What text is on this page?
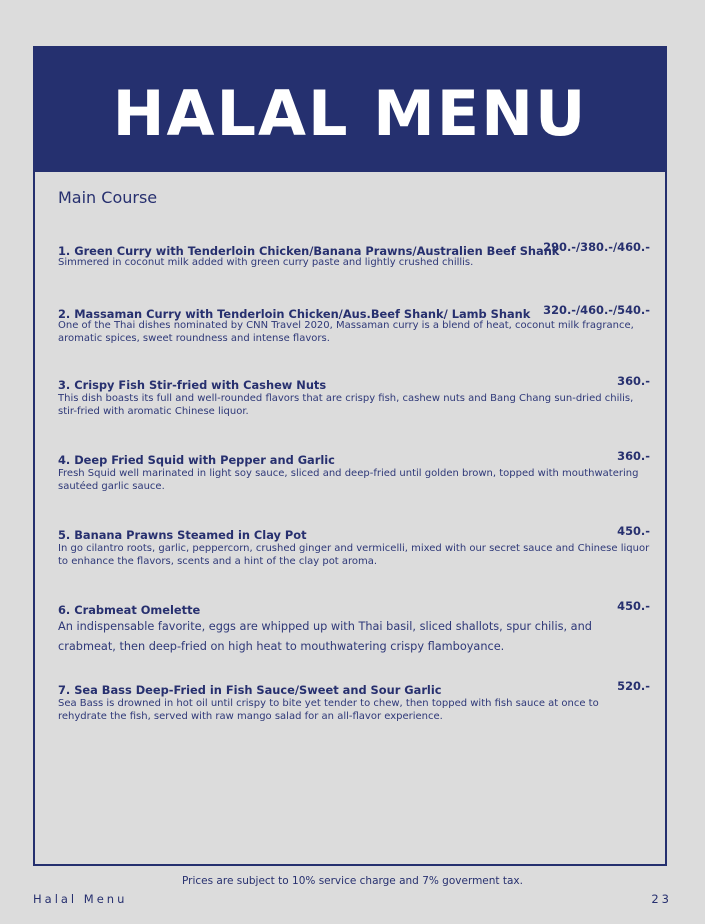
HALAL MENU
Main Course
1. Green Curry with Tenderloin Chicken/Banana Prawns/Australien Beef Shank
290.-/380.-/460.-
Simmered in coconut milk added with green curry paste and lightly crushed chillis.
2. Massaman Curry with Tenderloin Chicken/Aus.Beef Shank/ Lamb Shank 320.-/460.-/540.-
One of the Thai dishes nominated by CNN Travel 2020, Massaman curry is a blend of heat, coconut milk fragrance, aromatic spices, sweet roundness and intense flavors.
3. Crispy Fish Stir-fried with Cashew Nuts	360.-
This dish boasts its full and well-rounded flavors that are crispy fish, cashew nuts and Bang Chang sun-dried chilis, stir-fried with aromatic Chinese liquor.
4. Deep Fried Squid with Pepper and Garlic	360.-
Fresh Squid well marinated in light soy sauce, sliced and deep-fried until golden brown, topped with mouthwatering sautéed garlic sauce.
5. Banana Prawns Steamed in Clay Pot	450.-
In go cilantro roots, garlic, peppercorn, crushed ginger and vermicelli, mixed with our secret sauce and Chinese liquor to enhance the flavors, scents and a hint of the clay pot aroma.
6. Crabmeat Omelette	450.-
An indispensable favorite, eggs are whipped up with Thai basil, sliced shallots, spur chilis, and crabmeat, then deep-fried on high heat to mouthwatering crispy flamboyance.
7. Sea Bass Deep-Fried in Fish Sauce/Sweet and Sour Garlic	520.-
Sea Bass is drowned in hot oil until crispy to bite yet tender to chew, then topped with fish sauce at once to rehydrate the fish, served with raw mango salad for an all-flavor experience.
Prices are subject to 10% service charge and 7% goverment tax.
Halal Menu	23
